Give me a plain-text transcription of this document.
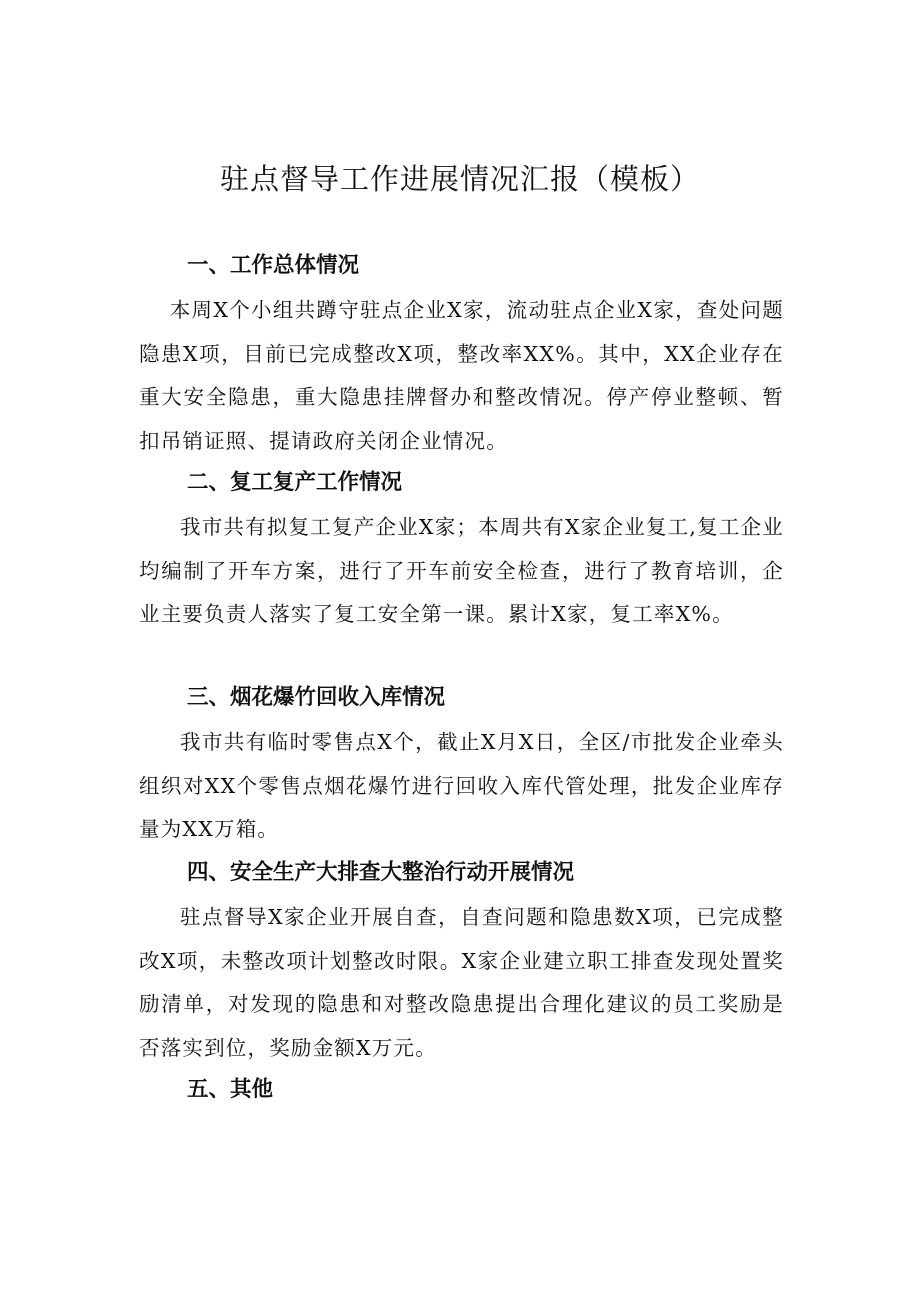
驻点督导工作进展情况汇报（模板）
一、工作总体情况

本周X个小组共蹲守驻点企业X家，流动驻点企业X家，查处问题隐患X项，目前已完成整改X项，整改率XX%。其中，XX企业存在重大安全隐患，重大隐患挂牌督办和整改情况。停产停业整顿、暂扣吊销证照、提请政府关闭企业情况。

二、复工复产工作情况

我市共有拟复工复产企业X家；本周共有X家企业复工,复工企业均编制了开车方案，进行了开车前安全检查，进行了教育培训，企业主要负责人落实了复工安全第一课。累计X家，复工率X%。

三、烟花爆竹回收入库情况

我市共有临时零售点X个，截止X月X日，全区/市批发企业牵头组织对XX个零售点烟花爆竹进行回收入库代管处理，批发企业库存量为XX万箱。

四、安全生产大排查大整治行动开展情况

驻点督导X家企业开展自查，自查问题和隐患数X项，已完成整改X项，未整改项计划整改时限。X家企业建立职工排查发现处置奖励清单，对发现的隐患和对整改隐患提出合理化建议的员工奖励是否落实到位，奖励金额X万元。

五、其他
